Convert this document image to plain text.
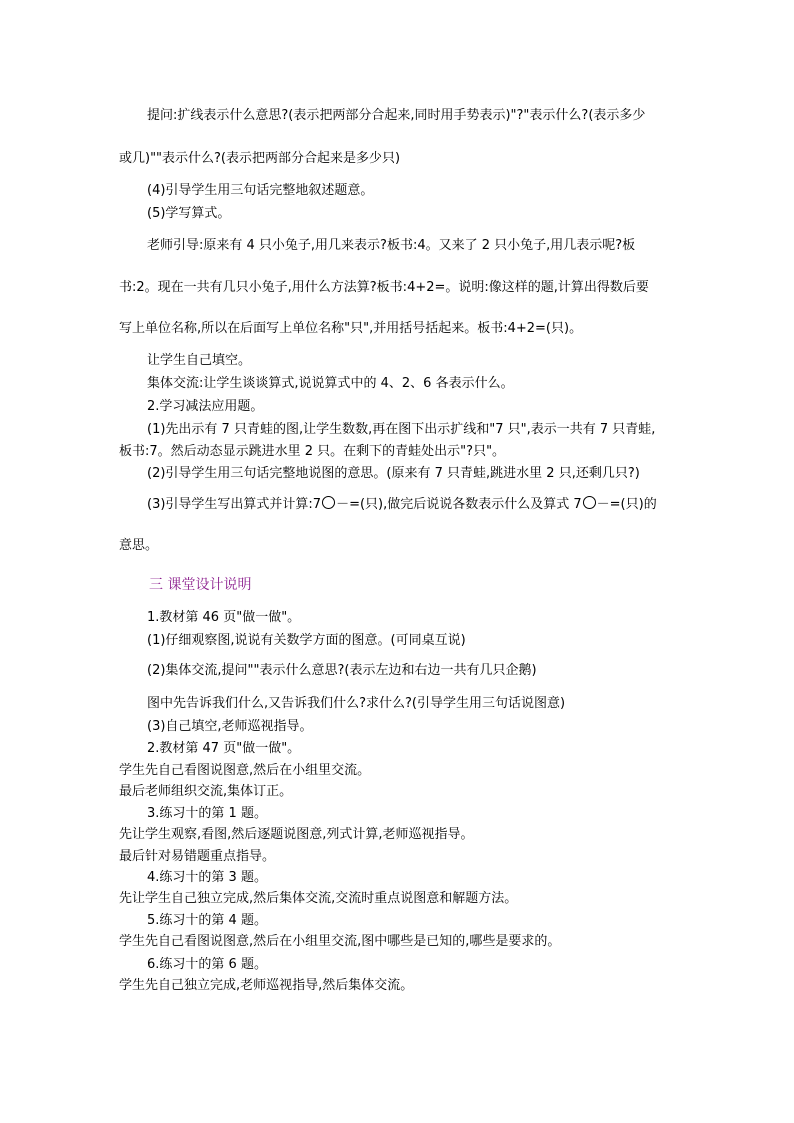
提问:扩线表示什么意思?(表示把两部分合起来,同时用手势表示)"?"表示什么?(表示多少
或几)""表示什么?(表示把两部分合起来是多少只)
(4)引导学生用三句话完整地叙述题意。
(5)学写算式。
老师引导:原来有 4 只小兔子,用几来表示?板书:4。又来了 2 只小兔子,用几表示呢?板
书:2。现在一共有几只小兔子,用什么方法算?板书:4+2=。说明:像这样的题,计算出得数后要
写上单位名称,所以在后面写上单位名称"只",并用括号括起来。板书:4+2=(只)。
让学生自己填空。
集体交流:让学生谈谈算式,说说算式中的 4、2、6 各表示什么。
2.学习减法应用题。
(1)先出示有 7 只青蛙的图,让学生数数,再在图下出示扩线和"7 只",表示一共有 7 只青蛙,
板书:7。然后动态显示跳进水里 2 只。在剩下的青蛙处出示"?只"。
(2)引导学生用三句话完整地说图的意思。(原来有 7 只青蛙,跳进水里 2 只,还剩几只?)
(3)引导学生写出算式并计算:7 －=(只),做完后说说各数表示什么及算式 7 －=(只)的
意思。
三 课堂设计说明
1.教材第 46 页"做一做"。
(1)仔细观察图,说说有关数学方面的图意。(可同桌互说)
(2)集体交流,提问""表示什么意思?(表示左边和右边一共有几只企鹅)
图中先告诉我们什么,又告诉我们什么?求什么?(引导学生用三句话说图意)
(3)自己填空,老师巡视指导。
2.教材第 47 页"做一做"。
学生先自己看图说图意,然后在小组里交流。
最后老师组织交流,集体订正。
3.练习十的第 1 题。
先让学生观察,看图,然后逐题说图意,列式计算,老师巡视指导。
最后针对易错题重点指导。
4.练习十的第 3 题。
先让学生自己独立完成,然后集体交流,交流时重点说图意和解题方法。
5.练习十的第 4 题。
学生先自己看图说图意,然后在小组里交流,图中哪些是已知的,哪些是要求的。
6.练习十的第 6 题。
学生先自己独立完成,老师巡视指导,然后集体交流。
